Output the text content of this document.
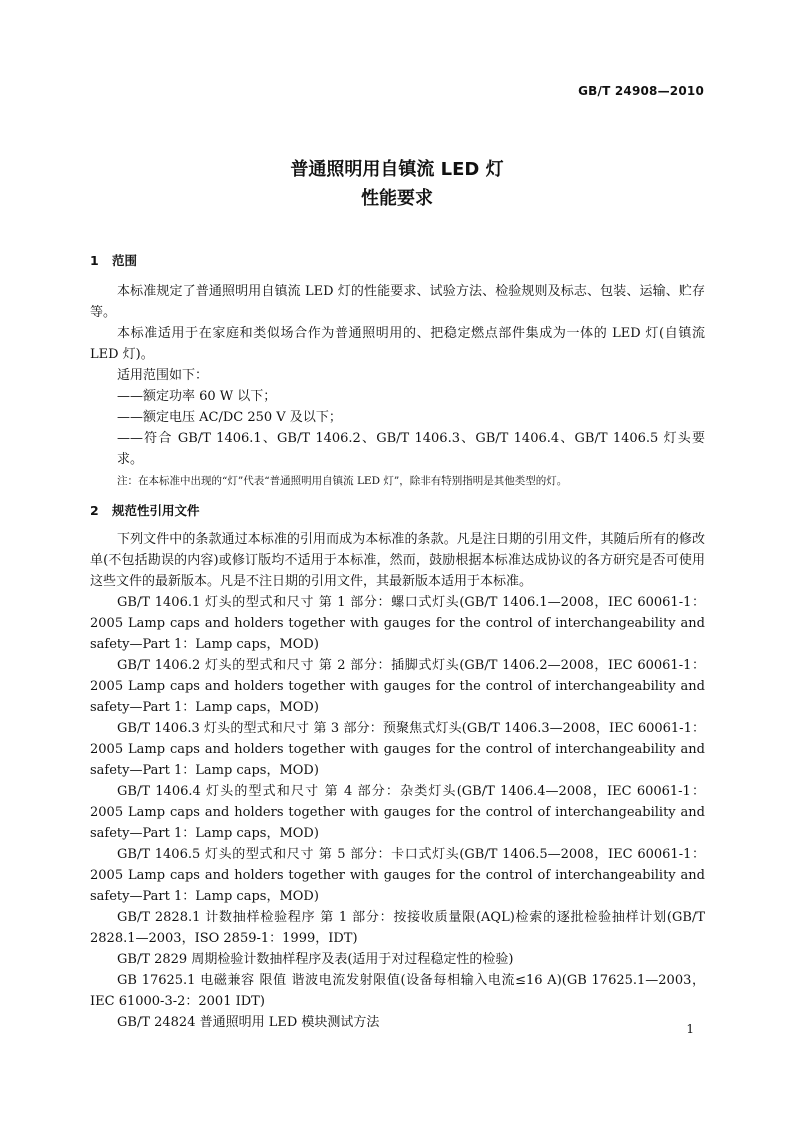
GB/T 24908—2010
普通照明用自镇流 LED 灯
性能要求
1 范围

本标准规定了普通照明用自镇流 LED 灯的性能要求、试验方法、检验规则及标志、包装、运输、贮存等。

本标准适用于在家庭和类似场合作为普通照明用的、把稳定燃点部件集成为一体的 LED 灯(自镇流 LED 灯)。

适用范围如下：

——额定功率 60 W 以下；

——额定电压 AC/DC 250 V 及以下；

——符合 GB/T 1406.1、GB/T 1406.2、GB/T 1406.3、GB/T 1406.4、GB/T 1406.5 灯头要求。

注：在本标准中出现的“灯”代表“普通照明用自镇流 LED 灯”，除非有特别指明是其他类型的灯。

2 规范性引用文件

下列文件中的条款通过本标准的引用而成为本标准的条款。凡是注日期的引用文件，其随后所有的修改单(不包括勘误的内容)或修订版均不适用于本标准，然而，鼓励根据本标准达成协议的各方研究是否可使用这些文件的最新版本。凡是不注日期的引用文件，其最新版本适用于本标准。

GB/T 1406.1 灯头的型式和尺寸 第 1 部分：螺口式灯头(GB/T 1406.1—2008，IEC 60061-1：2005 Lamp caps and holders together with gauges for the control of interchangeability and safety—Part 1：Lamp caps，MOD)

GB/T 1406.2 灯头的型式和尺寸 第 2 部分：插脚式灯头(GB/T 1406.2—2008，IEC 60061-1：2005 Lamp caps and holders together with gauges for the control of interchangeability and safety—Part 1：Lamp caps，MOD)

GB/T 1406.3 灯头的型式和尺寸 第 3 部分：预聚焦式灯头(GB/T 1406.3—2008，IEC 60061-1：2005 Lamp caps and holders together with gauges for the control of interchangeability and safety—Part 1：Lamp caps，MOD)

GB/T 1406.4 灯头的型式和尺寸 第 4 部分：杂类灯头(GB/T 1406.4—2008，IEC 60061-1：2005 Lamp caps and holders together with gauges for the control of interchangeability and safety—Part 1：Lamp caps，MOD)

GB/T 1406.5 灯头的型式和尺寸 第 5 部分：卡口式灯头(GB/T 1406.5—2008，IEC 60061-1：2005 Lamp caps and holders together with gauges for the control of interchangeability and safety—Part 1：Lamp caps，MOD)

GB/T 2828.1 计数抽样检验程序 第 1 部分：按接收质量限(AQL)检索的逐批检验抽样计划(GB/T 2828.1—2003，ISO 2859-1：1999，IDT)

GB/T 2829 周期检验计数抽样程序及表(适用于对过程稳定性的检验)

GB 17625.1 电磁兼容 限值 谐波电流发射限值(设备每相输入电流≤16 A)(GB 17625.1—2003，IEC 61000-3-2：2001 IDT)

GB/T 24824 普通照明用 LED 模块测试方法	1
